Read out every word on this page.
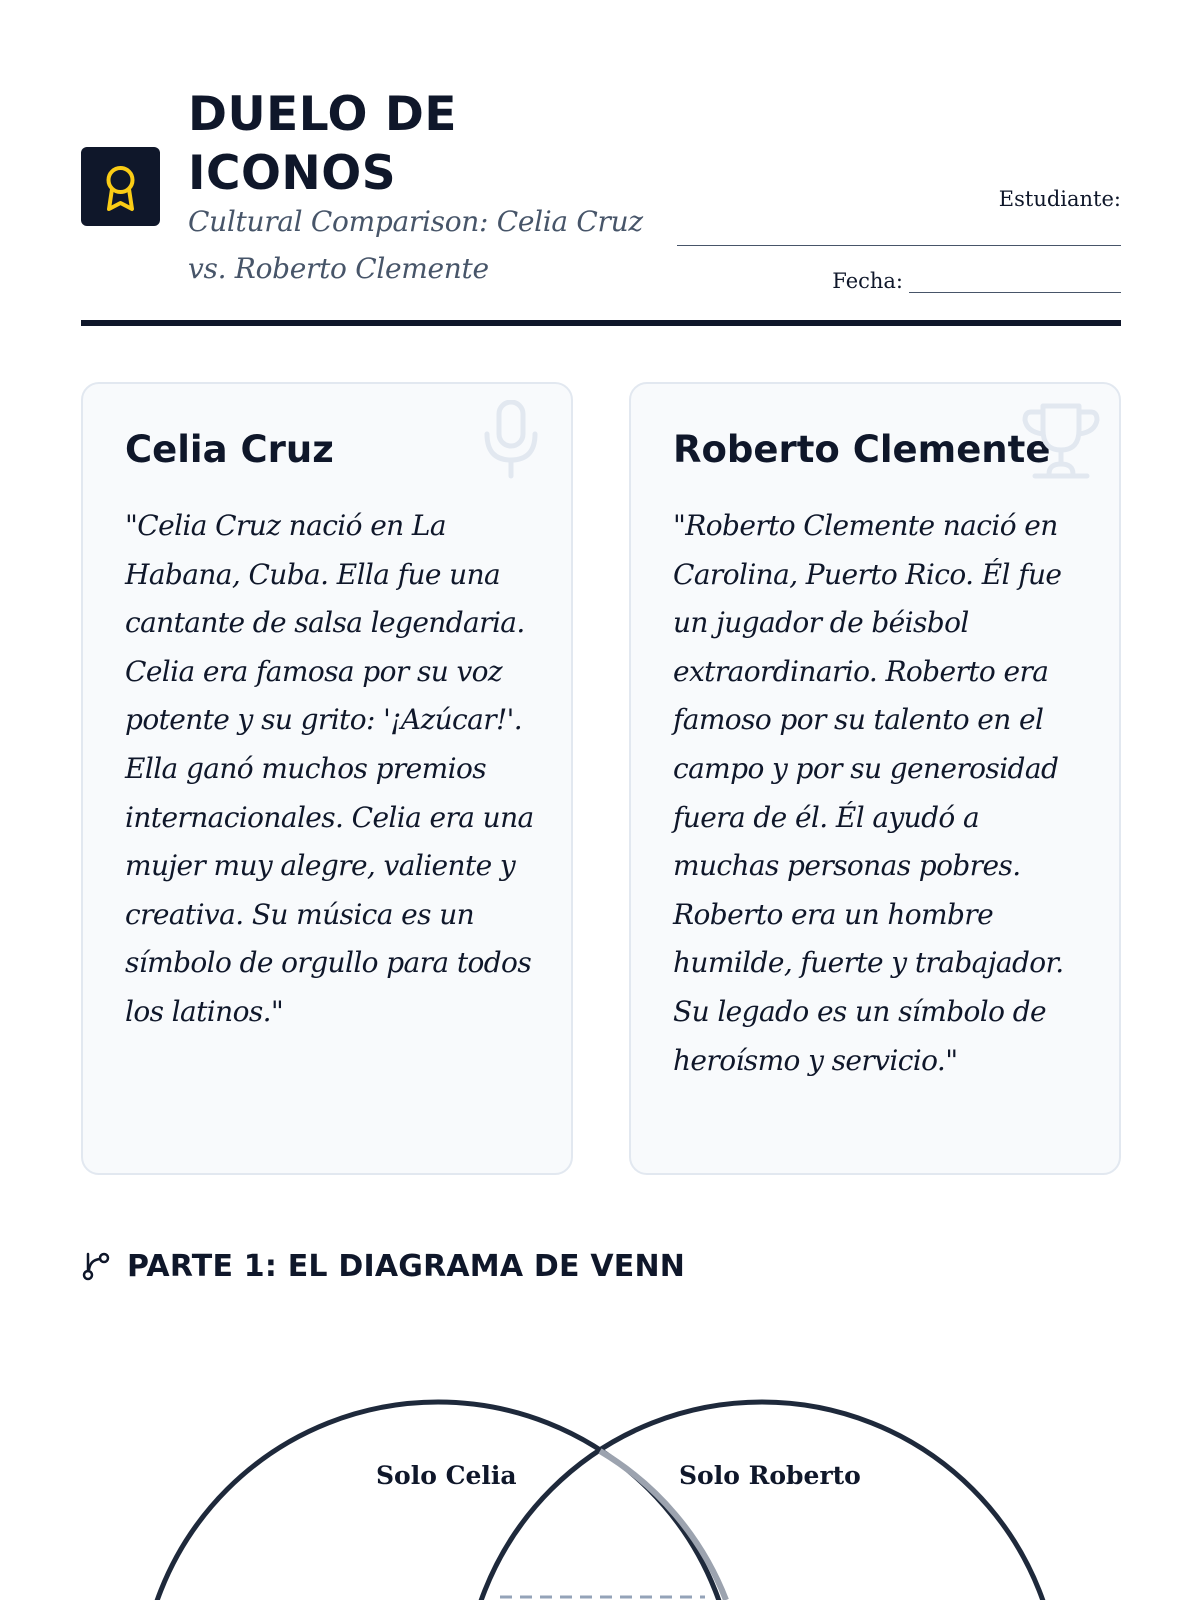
DUELO DE
ICONOS
Cultural Comparison: Celia Cruz vs. Roberto Clemente
Estudiante:
Fecha:
Celia Cruz
"Celia Cruz nació en La Habana, Cuba. Ella fue una cantante de salsa legendaria. Celia era famosa por su voz potente y su grito: '¡Azúcar!'. Ella ganó muchos premios internacionales. Celia era una mujer muy alegre, valiente y creativa. Su música es un símbolo de orgullo para todos los latinos."
Roberto Clemente
"Roberto Clemente nació en Carolina, Puerto Rico. Él fue un jugador de béisbol extraordinario. Roberto era famoso por su talento en el campo y por su generosidad fuera de él. Él ayudó a muchas personas pobres. Roberto era un hombre humilde, fuerte y trabajador. Su legado es un símbolo de heroísmo y servicio."
PARTE 1: EL DIAGRAMA DE VENN
Solo Celia	Solo Roberto
